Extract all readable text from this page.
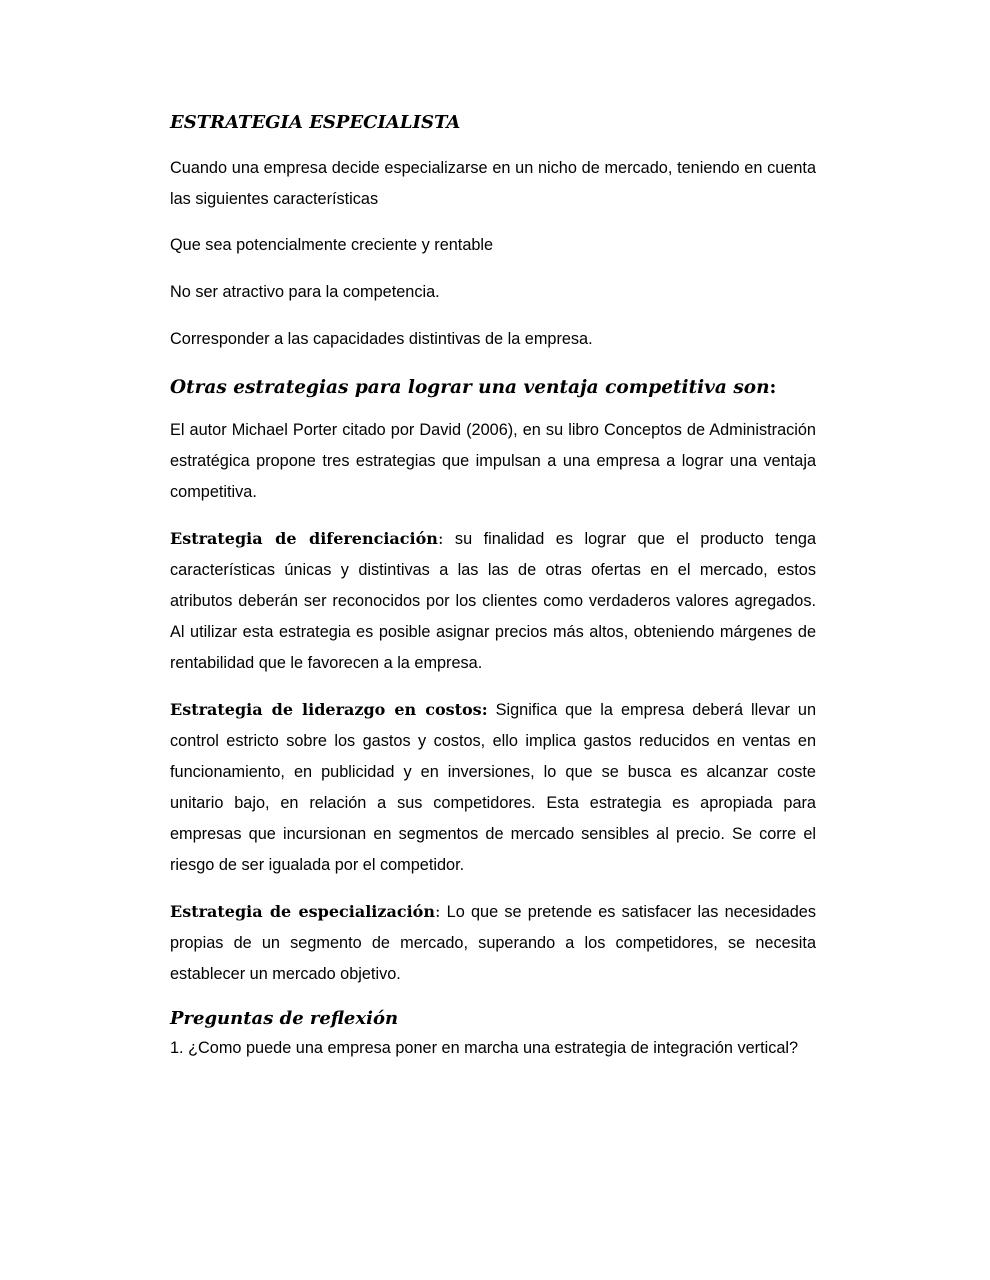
ESTRATEGIA ESPECIALISTA

Cuando una empresa decide especializarse en un nicho de mercado, teniendo en cuenta las siguientes características

Que sea potencialmente creciente y rentable

No ser atractivo para la competencia.

Corresponder a las capacidades distintivas de la empresa.

Otras estrategias para lograr una ventaja competitiva son:

El autor Michael Porter citado por David (2006), en su libro Conceptos de Administración estratégica propone tres estrategias que impulsan a una empresa a lograr una ventaja competitiva.

Estrategia de diferenciación: su finalidad es lograr que el producto tenga características únicas y distintivas a las las de otras ofertas en el mercado, estos atributos deberán ser reconocidos por los clientes como verdaderos valores agregados. Al utilizar esta estrategia es posible asignar precios más altos, obteniendo márgenes de rentabilidad que le favorecen a la empresa.

Estrategia de liderazgo en costos: Significa que la empresa deberá llevar un control estricto sobre los gastos y costos, ello implica gastos reducidos en ventas en funcionamiento, en publicidad y en inversiones, lo que se busca es alcanzar coste unitario bajo, en relación a sus competidores. Esta estrategia es apropiada para empresas que incursionan en segmentos de mercado sensibles al precio. Se corre el riesgo de ser igualada por el competidor.

Estrategia de especialización: Lo que se pretende es satisfacer las necesidades propias de un segmento de mercado, superando a los competidores, se necesita establecer un mercado objetivo.

Preguntas de reflexión

1. ¿Como puede una empresa poner en marcha una estrategia de integración vertical?
